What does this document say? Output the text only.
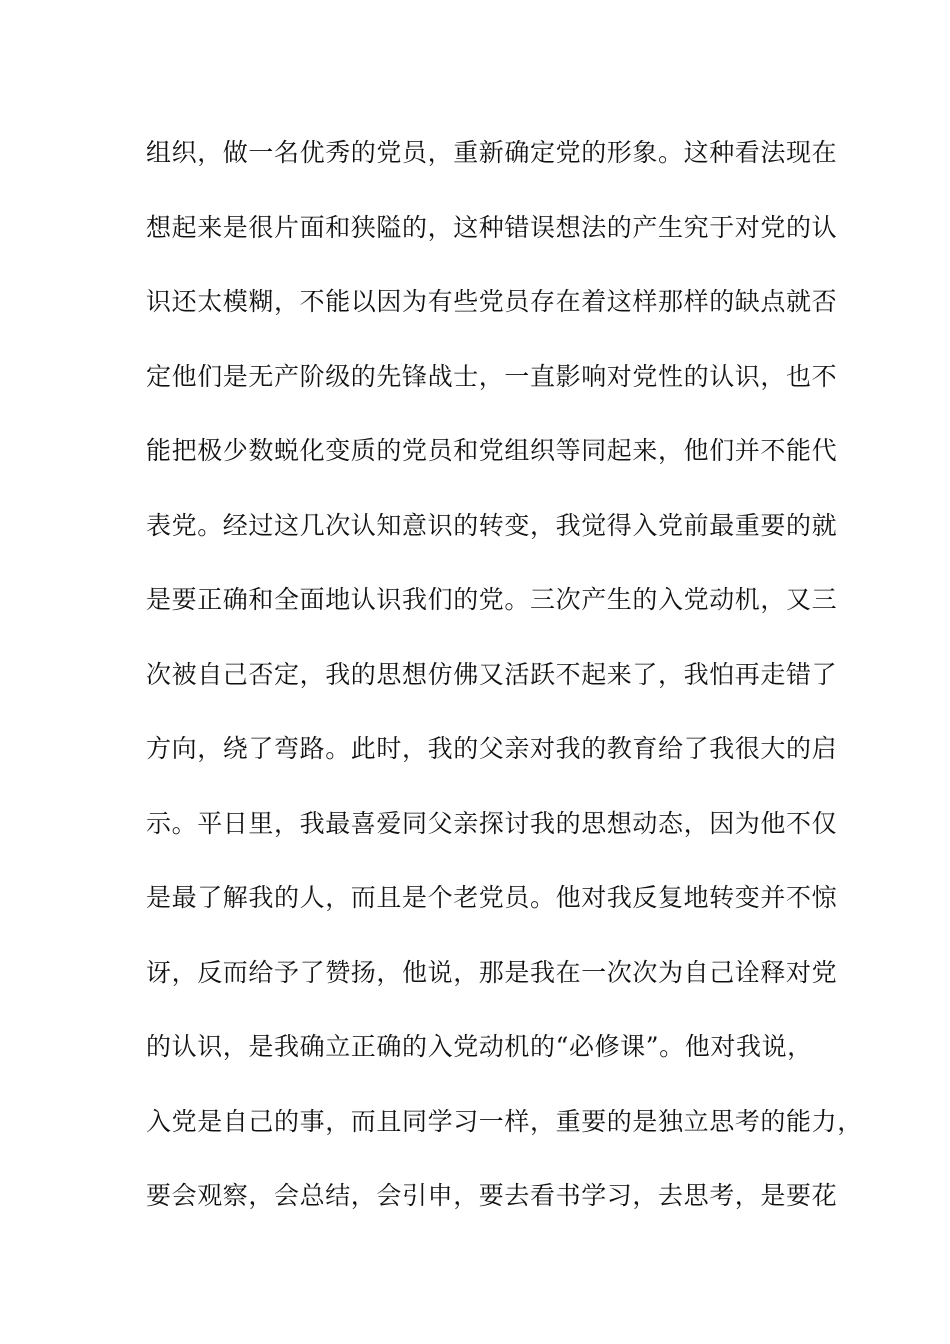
组织，做一名优秀的党员，重新确定党的形象。这种看法现在
想起来是很片面和狭隘的，这种错误想法的产生究于对党的认
识还太模糊，不能以因为有些党员存在着这样那样的缺点就否
定他们是无产阶级的先锋战士，一直影响对党性的认识，也不
能把极少数蜕化变质的党员和党组织等同起来，他们并不能代
表党。经过这几次认知意识的转变，我觉得入党前最重要的就
是要正确和全面地认识我们的党。三次产生的入党动机，又三
次被自己否定，我的思想仿佛又活跃不起来了，我怕再走错了
方向，绕了弯路。此时，我的父亲对我的教育给了我很大的启
示。平日里，我最喜爱同父亲探讨我的思想动态，因为他不仅
是最了解我的人，而且是个老党员。他对我反复地转变并不惊
讶，反而给予了赞扬，他说，那是我在一次次为自己诠释对党
的认识，是我确立正确的入党动机的“必修课”。他对我说，
入党是自己的事，而且同学习一样，重要的是独立思考的能力，
要会观察，会总结，会引申，要去看书学习，去思考，是要花
